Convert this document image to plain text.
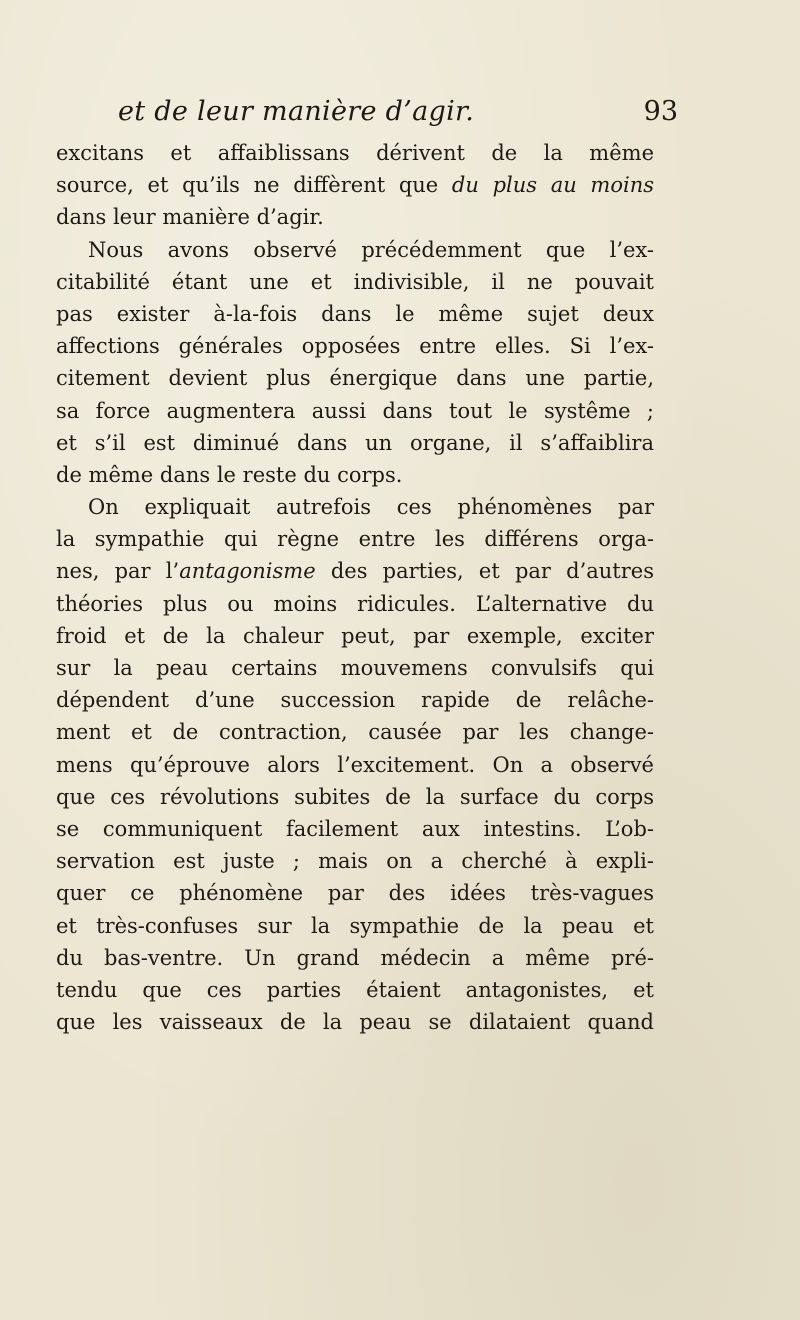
et de leur manière d’agir.	93
excitans et affaiblissans dérivent de la même
source, et qu’ils ne diffèrent que du plus au moins
dans leur manière d’agir.
Nous avons observé précédemment que l’ex-
citabilité étant une et indivisible, il ne pouvait
pas exister à-la-fois dans le même sujet deux
affections générales opposées entre elles. Si l’ex-
citement devient plus énergique dans une partie,
sa force augmentera aussi dans tout le systême ;
et s’il est diminué dans un organe, il s’affaiblira
de même dans le reste du corps.
On expliquait autrefois ces phénomènes par
la sympathie qui règne entre les différens orga-
nes, par l’antagonisme des parties, et par d’autres
théories plus ou moins ridicules. L’alternative du
froid et de la chaleur peut, par exemple, exciter
sur la peau certains mouvemens convulsifs qui
dépendent d’une succession rapide de relâche-
ment et de contraction, causée par les change-
mens qu’éprouve alors l’excitement. On a observé
que ces révolutions subites de la surface du corps
se communiquent facilement aux intestins. L’ob-
servation est juste ; mais on a cherché à expli-
quer ce phénomène par des idées très-vagues
et très-confuses sur la sympathie de la peau et
du bas-ventre. Un grand médecin a même pré-
tendu que ces parties étaient antagonistes, et
que les vaisseaux de la peau se dilataient quand
